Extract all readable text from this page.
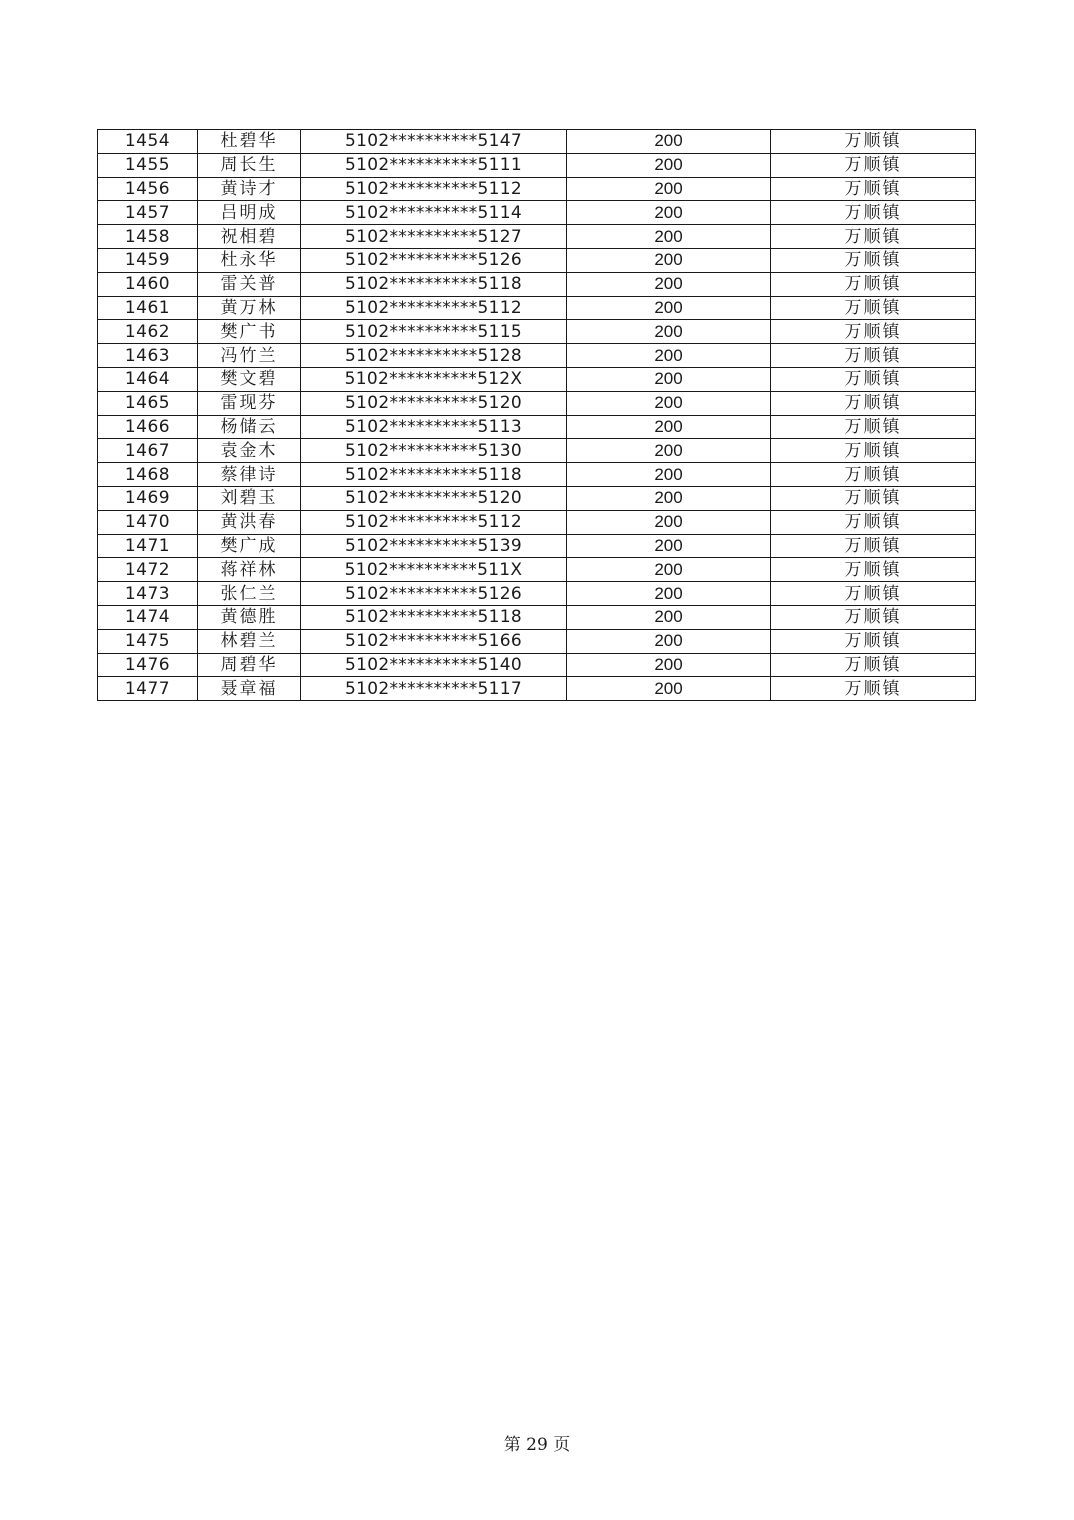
1454	杜碧华	5102**********5147	200	万顺镇
1455	周长生	5102**********5111	200	万顺镇
1456	黄诗才	5102**********5112	200	万顺镇
1457	吕明成	5102**********5114	200	万顺镇
1458	祝相碧	5102**********5127	200	万顺镇
1459	杜永华	5102**********5126	200	万顺镇
1460	雷关普	5102**********5118	200	万顺镇
1461	黄万林	5102**********5112	200	万顺镇
1462	樊广书	5102**********5115	200	万顺镇
1463	冯竹兰	5102**********5128	200	万顺镇
1464	樊文碧	5102**********512X	200	万顺镇
1465	雷现芬	5102**********5120	200	万顺镇
1466	杨储云	5102**********5113	200	万顺镇
1467	袁金木	5102**********5130	200	万顺镇
1468	蔡律诗	5102**********5118	200	万顺镇
1469	刘碧玉	5102**********5120	200	万顺镇
1470	黄洪春	5102**********5112	200	万顺镇
1471	樊广成	5102**********5139	200	万顺镇
1472	蒋祥林	5102**********511X	200	万顺镇
1473	张仁兰	5102**********5126	200	万顺镇
1474	黄德胜	5102**********5118	200	万顺镇
1475	林碧兰	5102**********5166	200	万顺镇
1476	周碧华	5102**********5140	200	万顺镇
1477	聂章福	5102**********5117	200	万顺镇
第 29 页
